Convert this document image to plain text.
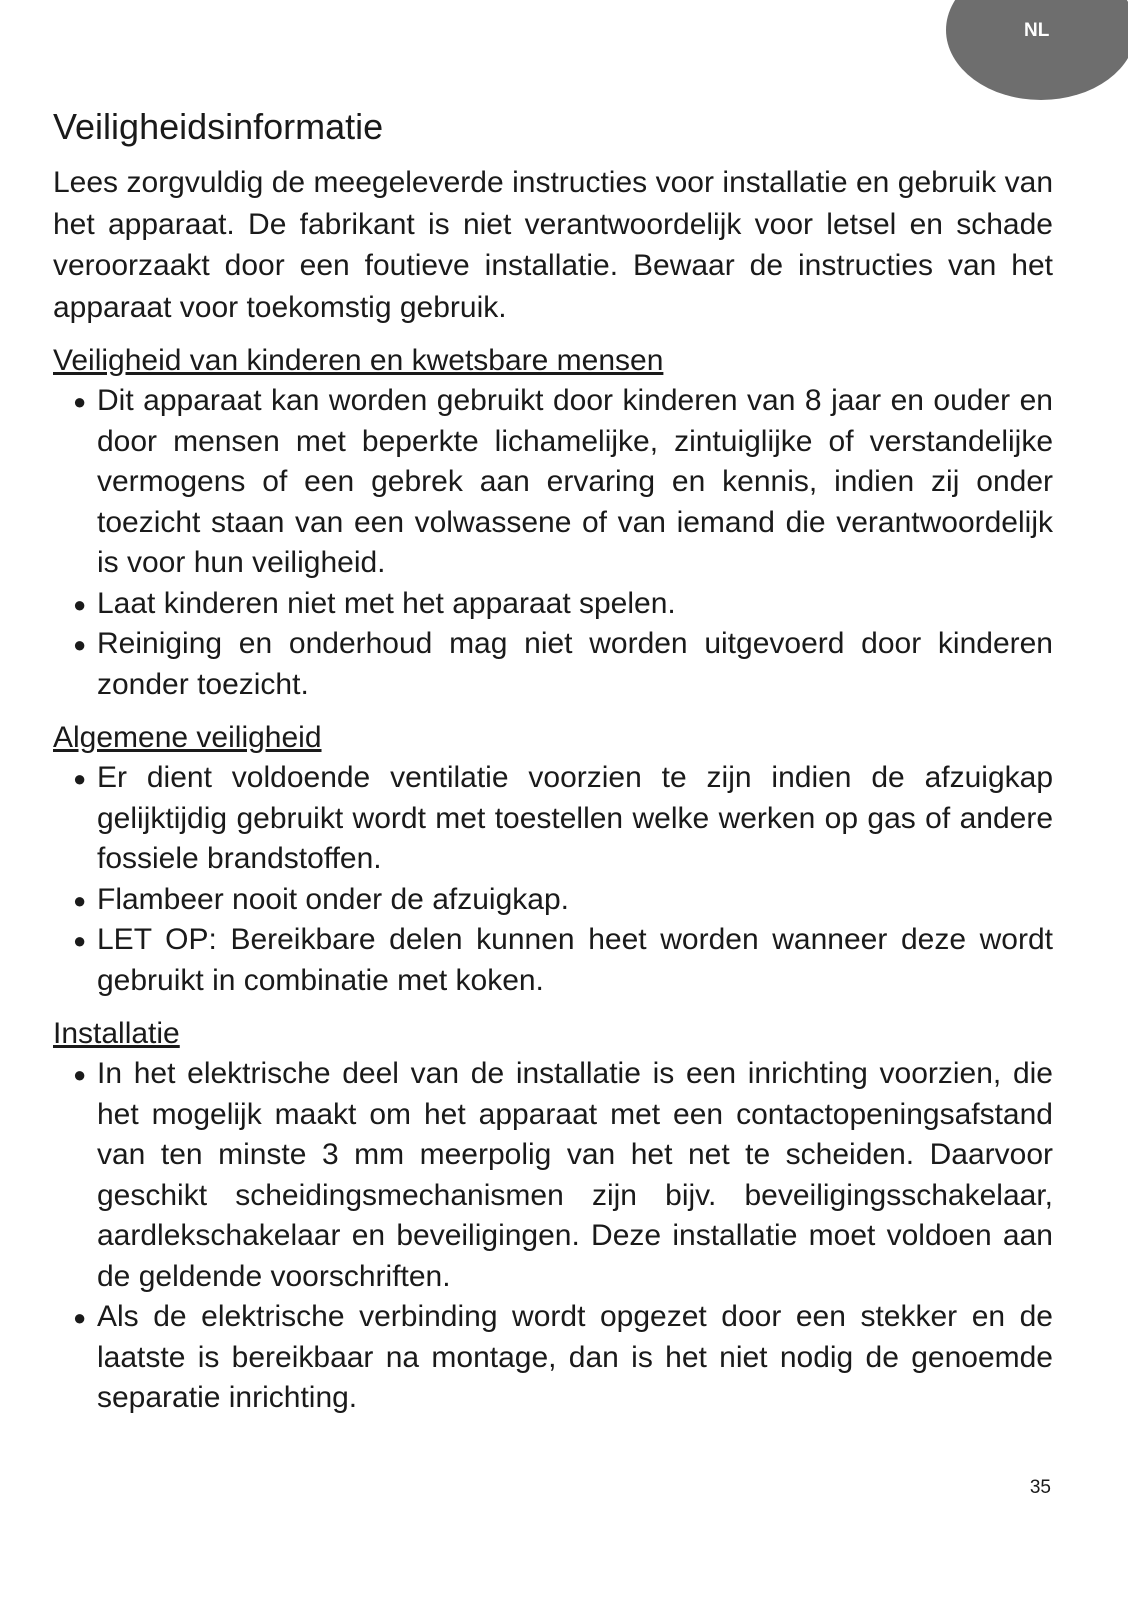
NL
Veiligheidsinformatie

Lees zorgvuldig de meegeleverde instructies voor installatie en gebruik van het apparaat. De fabrikant is niet verantwoordelijk voor letsel en schade veroorzaakt door een foutieve installatie. Bewaar de instructies van het apparaat voor toekomstig gebruik.

Veiligheid van kinderen en kwetsbare mensen
● Dit apparaat kan worden gebruikt door kinderen van 8 jaar en ouder en door mensen met beperkte lichamelijke, zintuiglijke of verstandelijke vermogens of een gebrek aan ervaring en kennis, indien zij onder toezicht staan van een volwassene of van iemand die verantwoordelijk is voor hun veiligheid.
● Laat kinderen niet met het apparaat spelen.
● Reiniging en onderhoud mag niet worden uitgevoerd door kinderen zonder toezicht.
Algemene veiligheid
● Er dient voldoende ventilatie voorzien te zijn indien de afzuigkap gelijktijdig gebruikt wordt met toestellen welke werken op gas of andere fossiele brandstoffen.
● Flambeer nooit onder de afzuigkap.
● LET OP: Bereikbare delen kunnen heet worden wanneer deze wordt gebruikt in combinatie met koken.
Installatie
● In het elektrische deel van de installatie is een inrichting voorzien, die het mogelijk maakt om het apparaat met een contactopeningsafstand van ten minste 3 mm meerpolig van het net te scheiden. Daarvoor geschikt scheidingsmechanismen zijn bijv. beveiligingsschakelaar, aardlekschakelaar en beveiligingen. Deze installatie moet voldoen aan de geldende voorschriften.
● Als de elektrische verbinding wordt opgezet door een stekker en de laatste is bereikbaar na montage, dan is het niet nodig de genoemde separatie inrichting.
35
